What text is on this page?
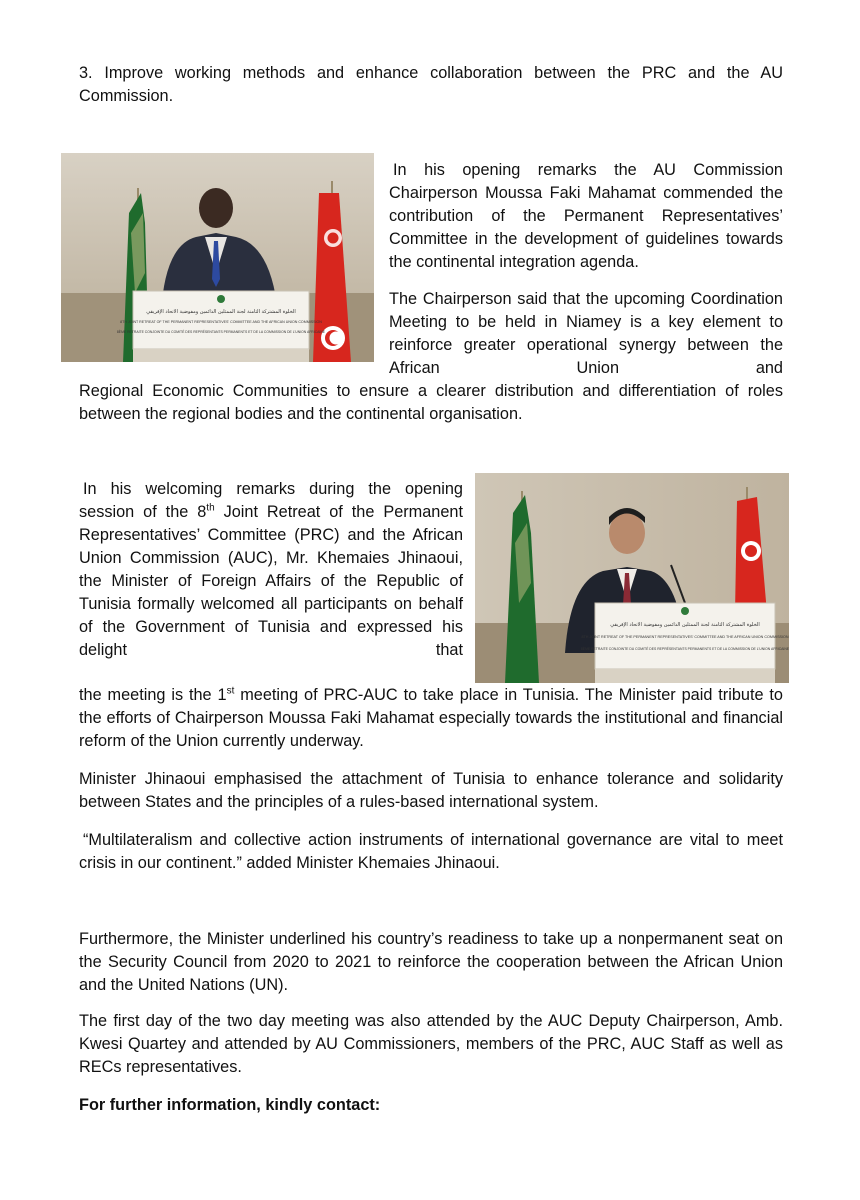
3. Improve working methods and enhance collaboration between the PRC and the AU Commission.

الخلوة المشتركة الثامنة لجنة الممثلين الدائمين ومفوضية الاتحاد الإفريقي
8TH JOINT RETREAT OF THE PERMANENT REPRESENTATIVES' COMMITTEE AND THE AFRICAN UNION COMMISSION
8ÈME RETRAITE CONJOINTE DU COMITÉ DES REPRÉSENTANTS PERMANENTS ET DE LA COMMISSION DE L'UNION AFRICAINE

In his opening remarks the AU Commission Chairperson Moussa Faki Mahamat commended the contribution of the Permanent Representatives’ Committee in the development of guidelines towards the continental integration agenda.

The Chairperson said that the upcoming Coordination Meeting to be held in Niamey is a key element to reinforce greater operational synergy between the African Union and

Regional Economic Communities to ensure a clearer distribution and differentiation of roles between the regional bodies and the continental organisation.

In his welcoming remarks during the opening session of the 8th Joint Retreat of the Permanent Representatives’ Committee (PRC) and the African Union Commission (AUC), Mr. Khemaies Jhinaoui, the Minister of Foreign Affairs of the Republic of Tunisia formally welcomed all participants on behalf of the Government of Tunisia and expressed his delight that

the meeting is the 1st meeting of PRC-AUC to take place in Tunisia. The Minister paid tribute to the efforts of Chairperson Moussa Faki Mahamat especially towards the institutional and financial reform of the Union currently underway.

الخلوة المشتركة الثامنة لجنة الممثلين الدائمين ومفوضية الاتحاد الإفريقي
8TH JOINT RETREAT OF THE PERMANENT REPRESENTATIVES' COMMITTEE AND THE AFRICAN UNION COMMISSION
8ÈME RETRAITE CONJOINTE DU COMITÉ DES REPRÉSENTANTS PERMANENTS ET DE LA COMMISSION DE L'UNION AFRICAINE

Minister Jhinaoui emphasised the attachment of Tunisia to enhance tolerance and solidarity between States and the principles of a rules-based international system.

“Multilateralism and collective action instruments of international governance are vital to meet crisis in our continent.” added Minister Khemaies Jhinaoui.

Furthermore, the Minister underlined his country’s readiness to take up a nonpermanent seat on the Security Council from 2020 to 2021 to reinforce the cooperation between the African Union and the United Nations (UN).

The first day of the two day meeting was also attended by the AUC Deputy Chairperson, Amb. Kwesi Quartey and attended by AU Commissioners, members of the PRC, AUC Staff as well as RECs representatives.

For further information, kindly contact:
